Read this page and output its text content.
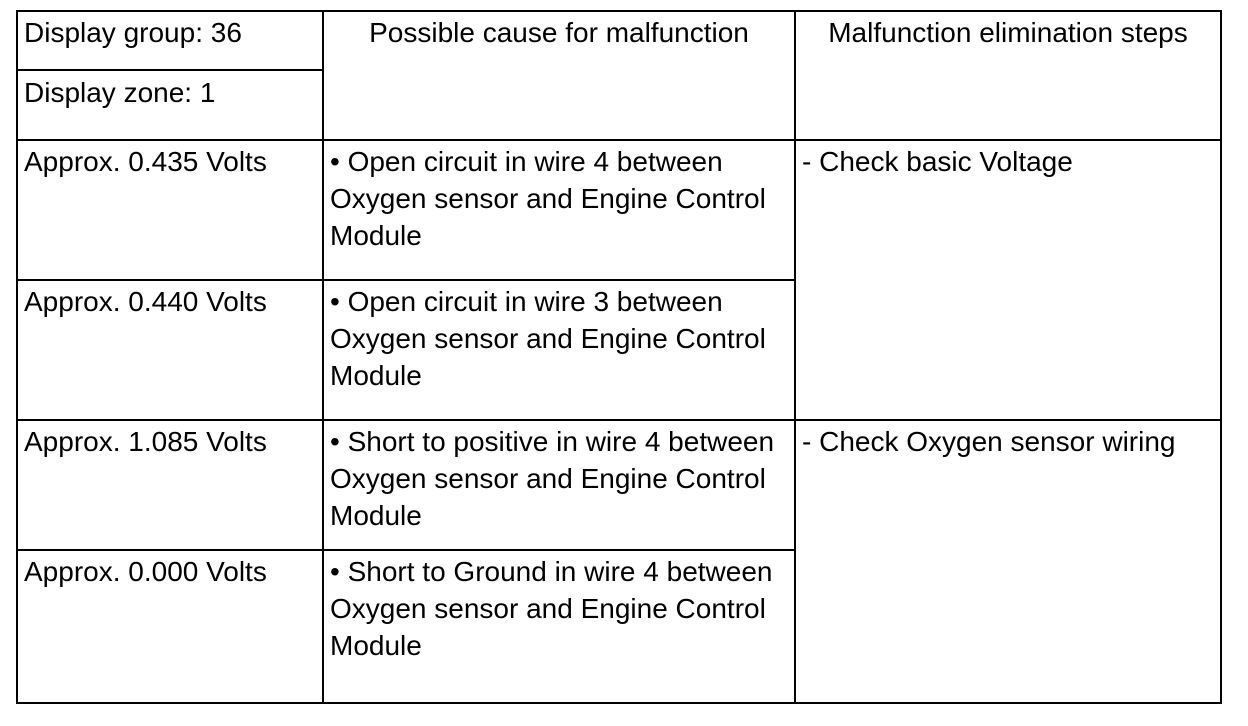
Display group: 36	Possible cause for malfunction	Malfunction elimination steps

Display zone: 1		

Approx. 0.435 Volts	• Open circuit in wire 4 between Oxygen sensor and Engine Control Module	- Check basic Voltage

Approx. 0.440 Volts	• Open circuit in wire 3 between Oxygen sensor and Engine Control Module	

Approx. 1.085 Volts	• Short to positive in wire 4 between Oxygen sensor and Engine Control Module	- Check Oxygen sensor wiring

Approx. 0.000 Volts	• Short to Ground in wire 4 between Oxygen sensor and Engine Control Module	
